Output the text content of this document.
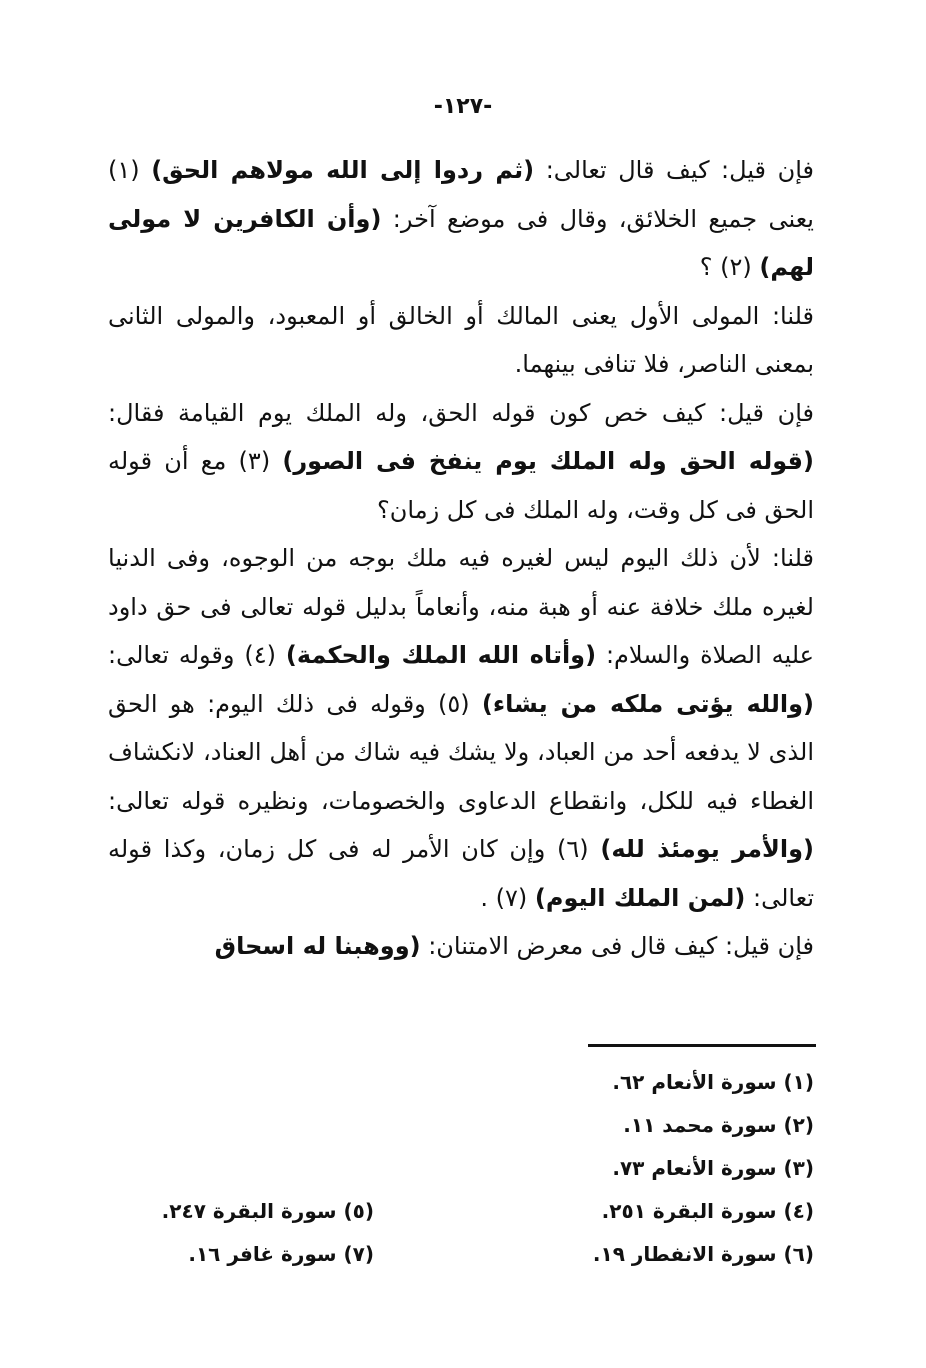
-١٢٧-

فإن قيل: كيف قال تعالى: (ثم ردوا إلى الله مولاهم الحق) (١) يعنى جميع الخلائق، وقال فى موضع آخر: (وأن الكافرين لا مولى لهم) (٢) ؟

قلنا: المولى الأول يعنى المالك أو الخالق أو المعبود، والمولى الثانى بمعنى الناصر، فلا تنافى بينهما.

فإن قيل: كيف خص كون قوله الحق، وله الملك يوم القيامة فقال: (قوله الحق وله الملك يوم ينفخ فى الصور) (٣) مع أن قوله الحق فى كل وقت، وله الملك فى كل زمان؟

قلنا: لأن ذلك اليوم ليس لغيره فيه ملك بوجه من الوجوه، وفى الدنيا لغيره ملك خلافة عنه أو هبة منه، وأنعاماً بدليل قوله تعالى فى حق داود عليه الصلاة والسلام: (وأتاه الله الملك والحكمة) (٤) وقوله تعالى: (والله يؤتى ملكه من يشاء) (٥) وقوله فى ذلك اليوم: هو الحق الذى لا يدفعه أحد من العباد، ولا يشك فيه شاك من أهل العناد، لانكشاف الغطاء فيه للكل، وانقطاع الدعاوى والخصومات، ونظيره قوله تعالى: (والأمر يومئذ لله) (٦) وإن كان الأمر له فى كل زمان، وكذا قوله تعالى: (لمن الملك اليوم) (٧) .

فإن قيل: كيف قال فى معرض الامتنان: (ووهبنا له اسحاق

(١) سورة الأنعام ٦٢.
(٢) سورة محمد ١١.
(٣) سورة الأنعام ٧٣.
(٤) سورة البقرة ٢٥١.
(٥) سورة البقرة ٢٤٧.
(٦) سورة الانفطار ١٩.
(٧) سورة غافر ١٦.
